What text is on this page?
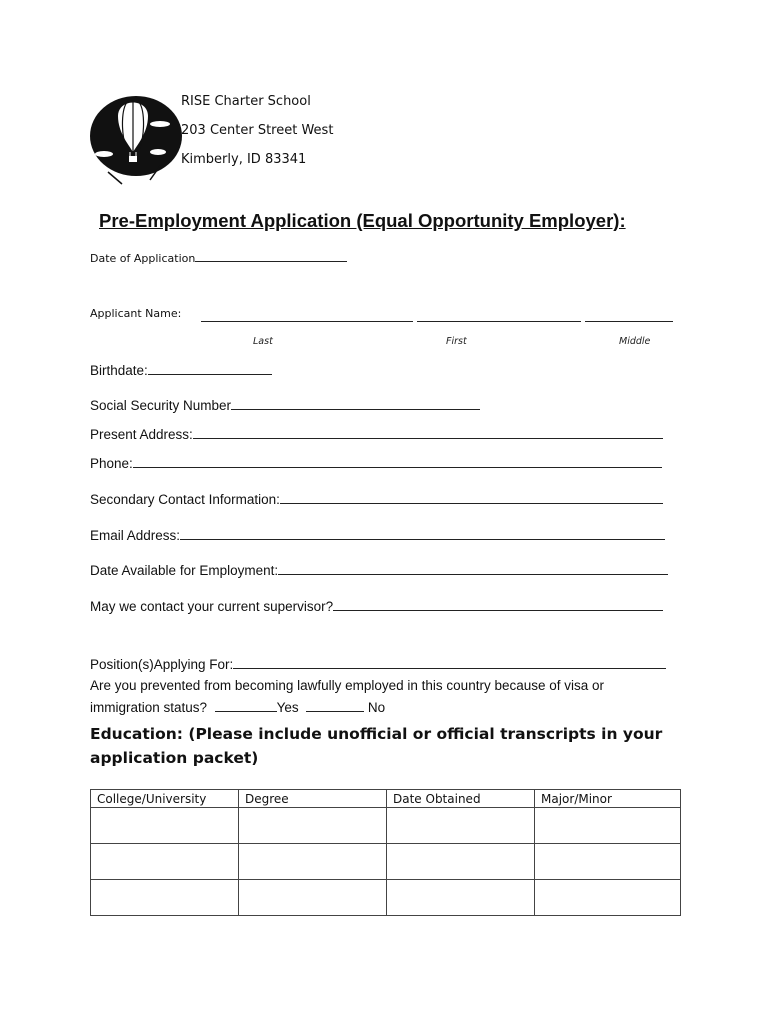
RISE Charter School
203 Center Street West
Kimberly, ID 83341
Pre-Employment Application (Equal Opportunity Employer):
Date of Application
Applicant Name:
Last	First	Middle
Birthdate:
Social Security Number
Present Address:
Phone:
Secondary Contact Information:
Email Address:
Date Available for Employment:
May we contact your current supervisor?
Position(s)Applying For:
Are you prevented from becoming lawfully employed in this country because of visa or
immigration status?	Yes	No
Education: (Please include unofficial or official transcripts in your application packet)
College/University	Degree	Date Obtained	Major/Minor
